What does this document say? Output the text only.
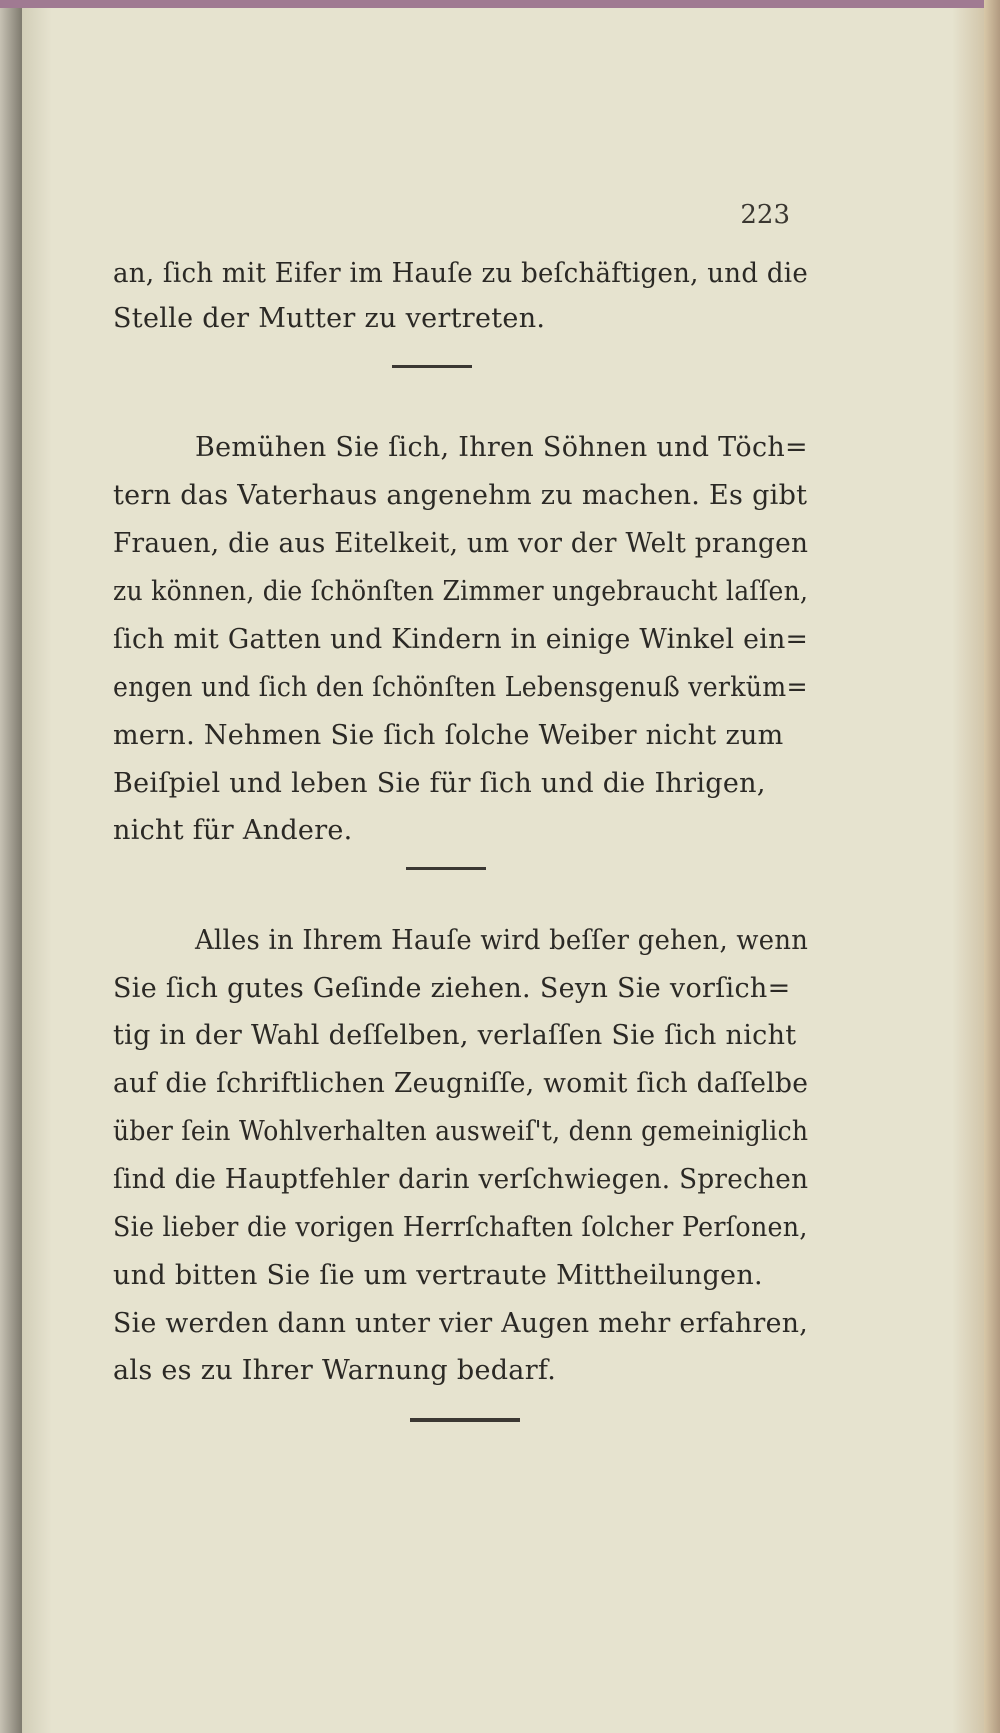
223
an, ſich mit Eifer im Hauſe zu beſchäftigen, und die
Stelle der Mutter zu vertreten.
Bemühen Sie ſich, Ihren Söhnen und Töch=
tern das Vaterhaus angenehm zu machen. Es gibt
Frauen, die aus Eitelkeit, um vor der Welt prangen
zu können, die ſchönſten Zimmer ungebraucht laſſen,
ſich mit Gatten und Kindern in einige Winkel ein=
engen und ſich den ſchönſten Lebensgenuß verküm=
mern. Nehmen Sie ſich ſolche Weiber nicht zum
Beiſpiel und leben Sie für ſich und die Ihrigen,
nicht für Andere.
Alles in Ihrem Hauſe wird beſſer gehen, wenn
Sie ſich gutes Geſinde ziehen. Seyn Sie vorſich=
tig in der Wahl deſſelben, verlaſſen Sie ſich nicht
auf die ſchriftlichen Zeugniſſe, womit ſich daſſelbe
über ſein Wohlverhalten ausweiſ't, denn gemeiniglich
ſind die Hauptfehler darin verſchwiegen. Sprechen
Sie lieber die vorigen Herrſchaften ſolcher Perſonen,
und bitten Sie ſie um vertraute Mittheilungen.
Sie werden dann unter vier Augen mehr erfahren,
als es zu Ihrer Warnung bedarf.
